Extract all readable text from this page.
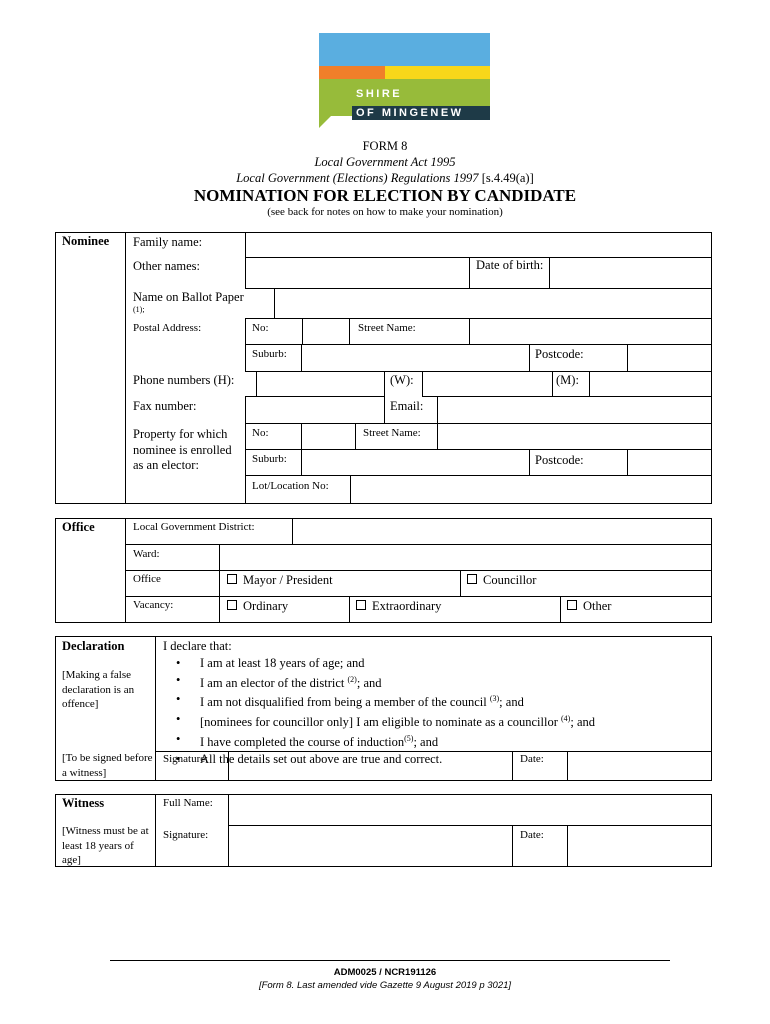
SHIRE
OF MINGENEW
FORM 8
Local Government Act 1995
Local Government (Elections) Regulations 1997 [s.4.49(a)]
NOMINATION FOR ELECTION BY CANDIDATE
(see back for notes on how to make your nomination)
Nominee Family name:
Other names:	Date of birth:
Name on Ballot Paper
(1);
Postal Address:	No:	Street Name:
Suburb:	Postcode:
Phone numbers (H):	(W):	(M):
Fax number:	Email:
Property for which nominee is enrolled as an elector:
No:	Street Name:
Suburb:	Postcode:
Lot/Location No:
Office	Local Government District:
Ward:
Office	Mayor / President	Councillor
Vacancy:	Ordinary	Extraordinary	Other
Declaration
[Making a false declaration is an offence]
[To be signed before a witness]
I declare that:
• I am at least 18 years of age; and
• I am an elector of the district $^{(2)}$; and
• I am not disqualified from being a member of the council $^{(3)}$; and
• [nominees for councillor only] I am eligible to nominate as a councillor $^{(4)}$; and
• I have completed the course of induction$^{(5)}$; and
• All the details set out above are true and correct.
Signature:	Date:
Witness
[Witness must be at least 18 years of age]
Full Name:
Signature:	Date:
ADM0025 / NCR191126
[Form 8. Last amended vide Gazette 9 August 2019 p 3021]
